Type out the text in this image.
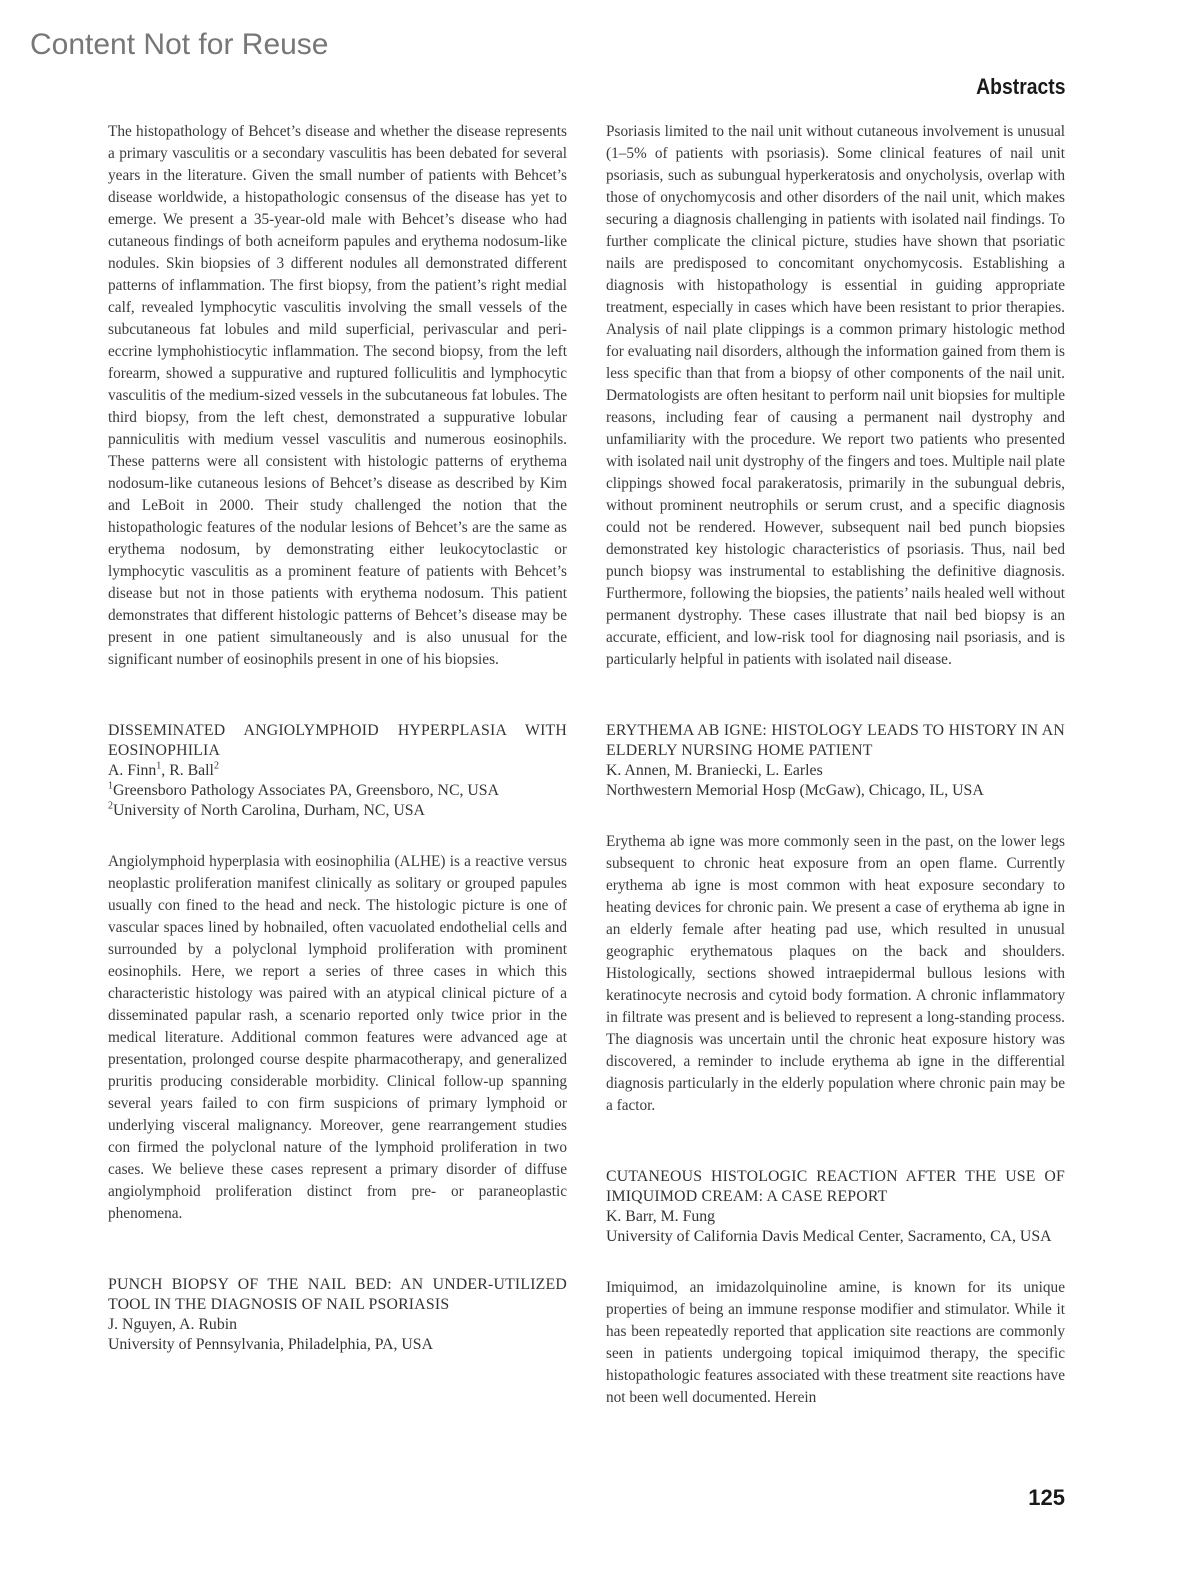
Content Not for Reuse
Abstracts

The histopathology of Behcet’s disease and whether the disease represents a primary vasculitis or a secondary vasculitis has been debated for several years in the literature. Given the small number of patients with Behcet’s disease worldwide, a histopathologic consensus of the disease has yet to emerge. We present a 35-year-old male with Behcet’s disease who had cutaneous findings of both acneiform papules and erythema nodosum-like nodules. Skin biopsies of 3 different nodules all demonstrated different patterns of inflammation. The first biopsy, from the patient’s right medial calf, revealed lymphocytic vasculitis involving the small vessels of the subcutaneous fat lobules and mild superficial, perivascular and peri-eccrine lymphohistiocytic inflammation. The second biopsy, from the left forearm, showed a suppurative and ruptured folliculitis and lymphocytic vasculitis of the medium-sized vessels in the subcutaneous fat lobules. The third biopsy, from the left chest, demonstrated a suppurative lobular panniculitis with medium vessel vasculitis and numerous eosinophils. These patterns were all consistent with histologic patterns of erythema nodosum-like cutaneous lesions of Behcet’s disease as described by Kim and LeBoit in 2000. Their study challenged the notion that the histopathologic features of the nodular lesions of Behcet’s are the same as erythema nodosum, by demonstrating either leukocytoclastic or lymphocytic vasculitis as a prominent feature of patients with Behcet’s disease but not in those patients with erythema nodosum. This patient demonstrates that different histologic patterns of Behcet’s disease may be present in one patient simultaneously and is also unusual for the significant number of eosinophils present in one of his biopsies.

DISSEMINATED ANGIOLYMPHOID HYPERPLASIA WITH EOSINOPHILIA

A. Finn$^1$, R. Ball$^2$

$^1$Greensboro Pathology Associates PA, Greensboro, NC, USA

$^2$University of North Carolina, Durham, NC, USA

Angiolymphoid hyperplasia with eosinophilia (ALHE) is a reactive versus neoplastic proliferation manifest clinically as solitary or grouped papules usually con fined to the head and neck. The histologic picture is one of vascular spaces lined by hobnailed, often vacuolated endothelial cells and surrounded by a polyclonal lymphoid proliferation with prominent eosinophils. Here, we report a series of three cases in which this characteristic histology was paired with an atypical clinical picture of a disseminated papular rash, a scenario reported only twice prior in the medical literature. Additional common features were advanced age at presentation, prolonged course despite pharmacotherapy, and generalized pruritis producing considerable morbidity. Clinical follow-up spanning several years failed to con firm suspicions of primary lymphoid or underlying visceral malignancy. Moreover, gene rearrangement studies con firmed the polyclonal nature of the lymphoid proliferation in two cases. We believe these cases represent a primary disorder of diffuse angiolymphoid proliferation distinct from pre- or paraneoplastic phenomena.

PUNCH BIOPSY OF THE NAIL BED: AN UNDER-UTILIZED TOOL IN THE DIAGNOSIS OF NAIL PSORIASIS

J. Nguyen, A. Rubin

University of Pennsylvania, Philadelphia, PA, USA

Psoriasis limited to the nail unit without cutaneous involvement is unusual (1–5% of patients with psoriasis). Some clinical features of nail unit psoriasis, such as subungual hyperkeratosis and onycholysis, overlap with those of onychomycosis and other disorders of the nail unit, which makes securing a diagnosis challenging in patients with isolated nail findings. To further complicate the clinical picture, studies have shown that psoriatic nails are predisposed to concomitant onychomycosis. Establishing a diagnosis with histopathology is essential in guiding appropriate treatment, especially in cases which have been resistant to prior therapies. Analysis of nail plate clippings is a common primary histologic method for evaluating nail disorders, although the information gained from them is less specific than that from a biopsy of other components of the nail unit. Dermatologists are often hesitant to perform nail unit biopsies for multiple reasons, including fear of causing a permanent nail dystrophy and unfamiliarity with the procedure. We report two patients who presented with isolated nail unit dystrophy of the fingers and toes. Multiple nail plate clippings showed focal parakeratosis, primarily in the subungual debris, without prominent neutrophils or serum crust, and a specific diagnosis could not be rendered. However, subsequent nail bed punch biopsies demonstrated key histologic characteristics of psoriasis. Thus, nail bed punch biopsy was instrumental to establishing the definitive diagnosis. Furthermore, following the biopsies, the patients’ nails healed well without permanent dystrophy. These cases illustrate that nail bed biopsy is an accurate, efficient, and low-risk tool for diagnosing nail psoriasis, and is particularly helpful in patients with isolated nail disease.

ERYTHEMA AB IGNE: HISTOLOGY LEADS TO HISTORY IN AN ELDERLY NURSING HOME PATIENT

K. Annen, M. Braniecki, L. Earles

Northwestern Memorial Hosp (McGaw), Chicago, IL, USA

Erythema ab igne was more commonly seen in the past, on the lower legs subsequent to chronic heat exposure from an open flame. Currently erythema ab igne is most common with heat exposure secondary to heating devices for chronic pain. We present a case of erythema ab igne in an elderly female after heating pad use, which resulted in unusual geographic erythematous plaques on the back and shoulders. Histologically, sections showed intraepidermal bullous lesions with keratinocyte necrosis and cytoid body formation. A chronic inflammatory in filtrate was present and is believed to represent a long-standing process. The diagnosis was uncertain until the chronic heat exposure history was discovered, a reminder to include erythema ab igne in the differential diagnosis particularly in the elderly population where chronic pain may be a factor.

CUTANEOUS HISTOLOGIC REACTION AFTER THE USE OF IMIQUIMOD CREAM: A CASE REPORT

K. Barr, M. Fung

University of California Davis Medical Center, Sacramento, CA, USA

Imiquimod, an imidazolquinoline amine, is known for its unique properties of being an immune response modifier and stimulator. While it has been repeatedly reported that application site reactions are commonly seen in patients undergoing topical imiquimod therapy, the specific histopathologic features associated with these treatment site reactions have not been well documented. Herein

125
